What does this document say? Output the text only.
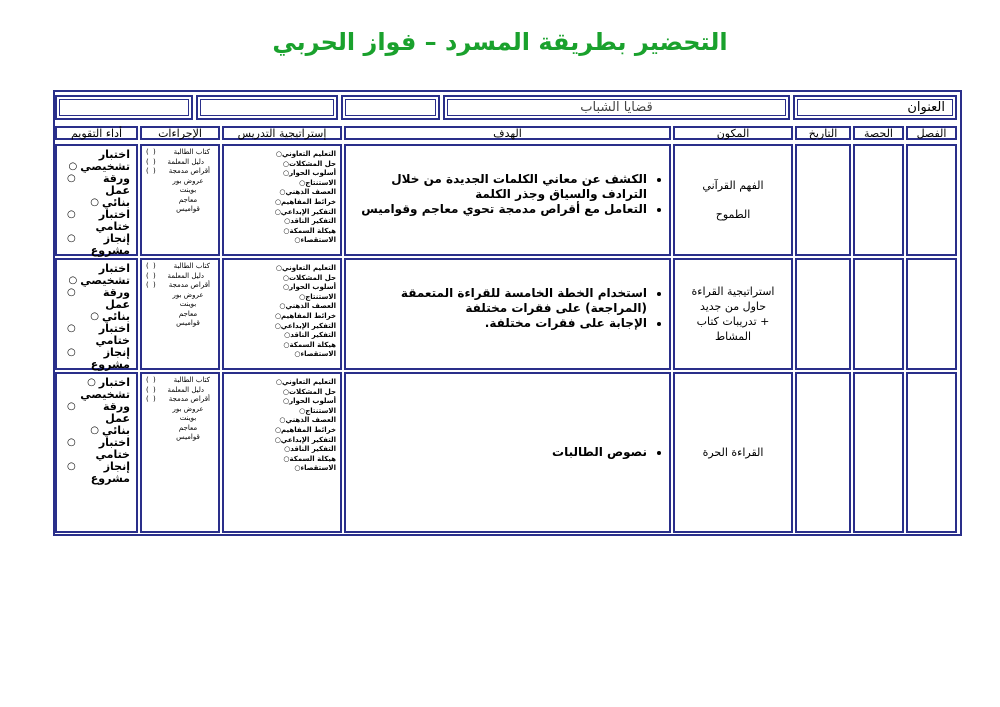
التحضير بطريقة المسرد – فواز الحربي
العنوان
قضايا الشباب
الفصل
الحصة
التاريخ
المكون
الهدف
إستراتيجية التدريس
الإجراءات
أداء التقويم
الفهم القرآني
الطموح
• الكشف عن معاني الكلمات الجديدة من خلال الترادف والسياق وجذر الكلمة
• التعامل مع أقراص مدمجة تحوي معاجم وقواميس
التعليم التعاوني
○
حل المشكلات
○
أسلوب الحوار
○
الاستنتاج
○
العصف الذهني
○
خرائط المفاهيم
○
التفكير الإبداعي
○
التفكير الناقد
○
هيكلة السمكة
○
الاستقصاء
○
كتاب الطالبة
( )
دليل المعلمة
( )
أقراص مدمجة
( )
عروض بور بوينت
معاجم
قواميس
اختبار
تشخيصي
○
ورقة عمل
○
بنائي
○
اختبار ختامي
○
إنجاز مشروع
○
استراتيجية القراءة
حاول من جديد
+ تدريبات كتاب
المشاط
• استخدام الخطة الخامسة للقراءة المتعمقة (المراجعة) على فقرات مختلفة
• الإجابة على فقرات مختلفة.
التعليم التعاوني
○
حل المشكلات
○
أسلوب الحوار
○
الاستنتاج
○
العصف الذهني
○
خرائط المفاهيم
○
التفكير الإبداعي
○
التفكير الناقد
○
هيكلة السمكة
○
الاستقصاء
○
كتاب الطالبة
( )
دليل المعلمة
( )
أقراص مدمجة
( )
عروض بور بوينت
معاجم
قواميس
اختبار
تشخيصي
○
ورقة عمل
○
بنائي
○
اختبار ختامي
○
إنجاز مشروع
○
القراءة الحرة
• نصوص الطالبات
التعليم التعاوني
○
حل المشكلات
○
أسلوب الحوار
○
الاستنتاج
○
العصف الذهني
○
خرائط المفاهيم
○
التفكير الإبداعي
○
التفكير الناقد
○
هيكلة السمكة
○
الاستقصاء
○
كتاب الطالبة
( )
دليل المعلمة
( )
أقراص مدمجة
( )
عروض بور بوينت
معاجم
قواميس
اختبار
○
تشخيصي
ورقة عمل
○
بنائي
○
اختبار ختامي
○
إنجاز مشروع
○
